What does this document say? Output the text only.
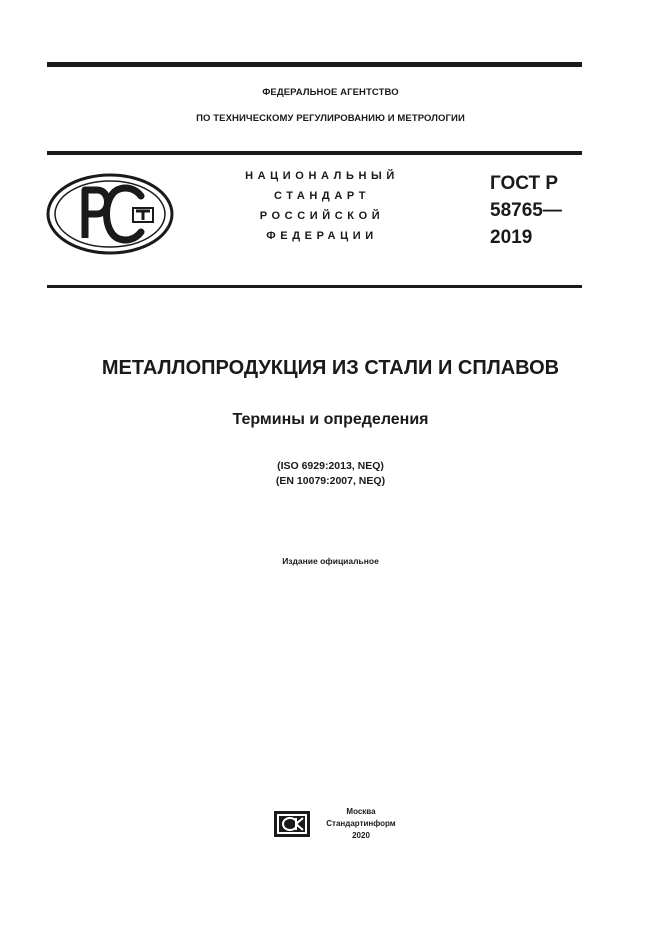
ФЕДЕРАЛЬНОЕ АГЕНТСТВО
ПО ТЕХНИЧЕСКОМУ РЕГУЛИРОВАНИЮ И МЕТРОЛОГИИ
НАЦИОНАЛЬНЫЙ
СТАНДАРТ
РОССИЙСКОЙ
ФЕДЕРАЦИИ
ГОСТ Р
58765—
2019
МЕТАЛЛОПРОДУКЦИЯ ИЗ СТАЛИ И СПЛАВОВ
Термины и определения
(ISO 6929:2013, NEQ)
(EN 10079:2007, NEQ)
Издание официальное
Москва
Стандартинформ
2020
